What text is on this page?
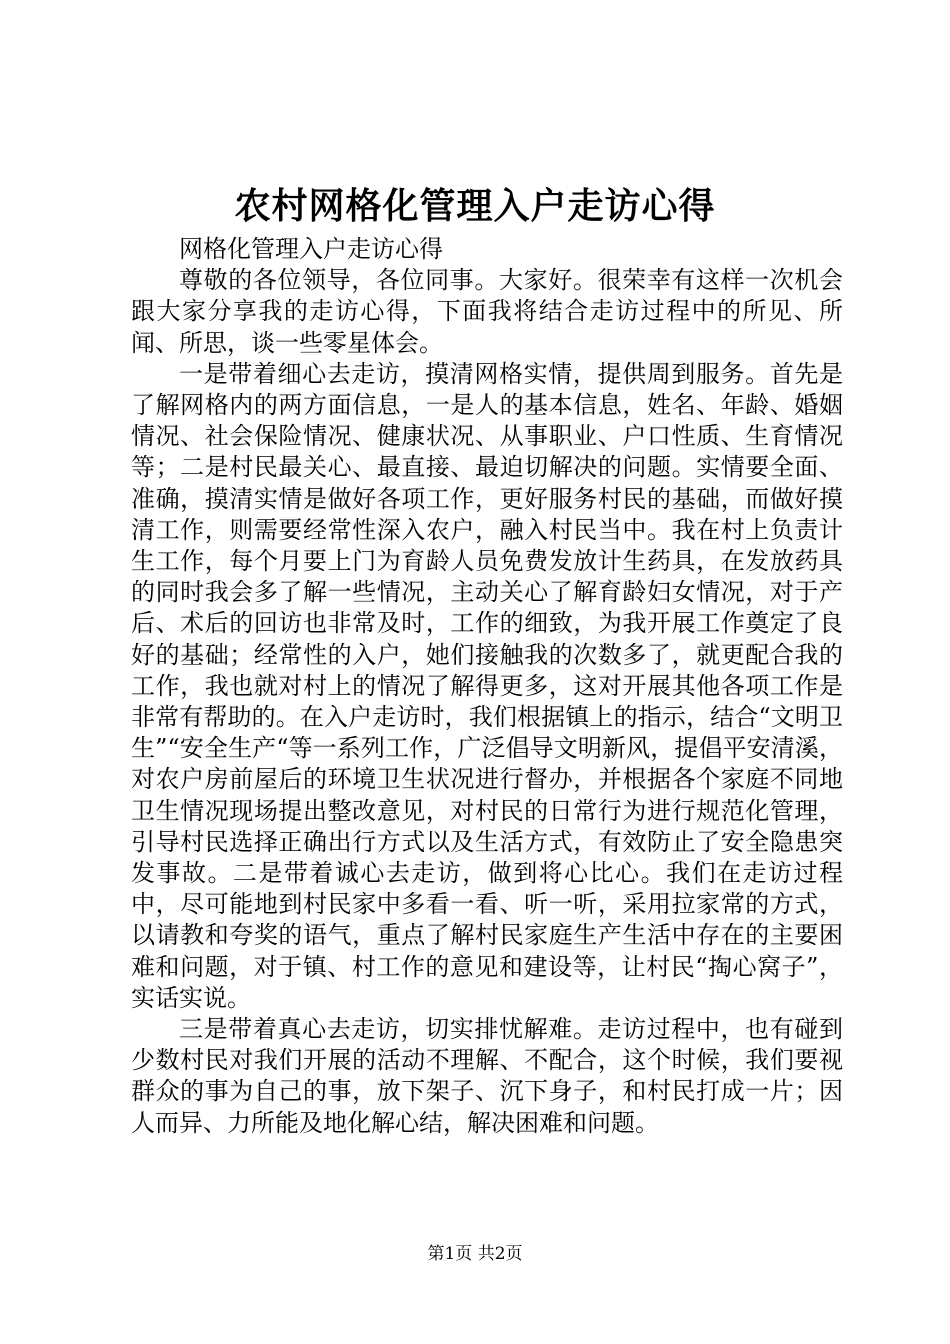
农村网格化管理入户走访心得

网格化管理入户走访心得

尊敬的各位领导，各位同事。大家好。很荣幸有这样一次机会跟大家分享我的走访心得，下面我将结合走访过程中的所见、所闻、所思，谈一些零星体会。

一是带着细心去走访，摸清网格实情，提供周到服务。首先是了解网格内的两方面信息，一是人的基本信息，姓名、年龄、婚姻情况、社会保险情况、健康状况、从事职业、户口性质、生育情况等；二是村民最关心、最直接、最迫切解决的问题。实情要全面、准确，摸清实情是做好各项工作，更好服务村民的基础，而做好摸清工作，则需要经常性深入农户，融入村民当中。我在村上负责计生工作，每个月要上门为育龄人员免费发放计生药具，在发放药具的同时我会多了解一些情况，主动关心了解育龄妇女情况，对于产后、术后的回访也非常及时，工作的细致，为我开展工作奠定了良好的基础；经常性的入户，她们接触我的次数多了，就更配合我的工作，我也就对村上的情况了解得更多，这对开展其他各项工作是非常有帮助的。在入户走访时，我们根据镇上的指示，结合“文明卫生”“安全生产“等一系列工作，广泛倡导文明新风，提倡平安清溪，对农户房前屋后的环境卫生状况进行督办，并根据各个家庭不同地卫生情况现场提出整改意见，对村民的日常行为进行规范化管理，引导村民选择正确出行方式以及生活方式，有效防止了安全隐患突发事故。二是带着诚心去走访，做到将心比心。我们在走访过程中，尽可能地到村民家中多看一看、听一听，采用拉家常的方式，以请教和夸奖的语气，重点了解村民家庭生产生活中存在的主要困难和问题，对于镇、村工作的意见和建设等，让村民“掏心窝子”，实话实说。

三是带着真心去走访，切实排忧解难。走访过程中，也有碰到少数村民对我们开展的活动不理解、不配合，这个时候，我们要视群众的事为自己的事，放下架子、沉下身子，和村民打成一片；因人而异、力所能及地化解心结，解决困难和问题。

第1页 共2页
